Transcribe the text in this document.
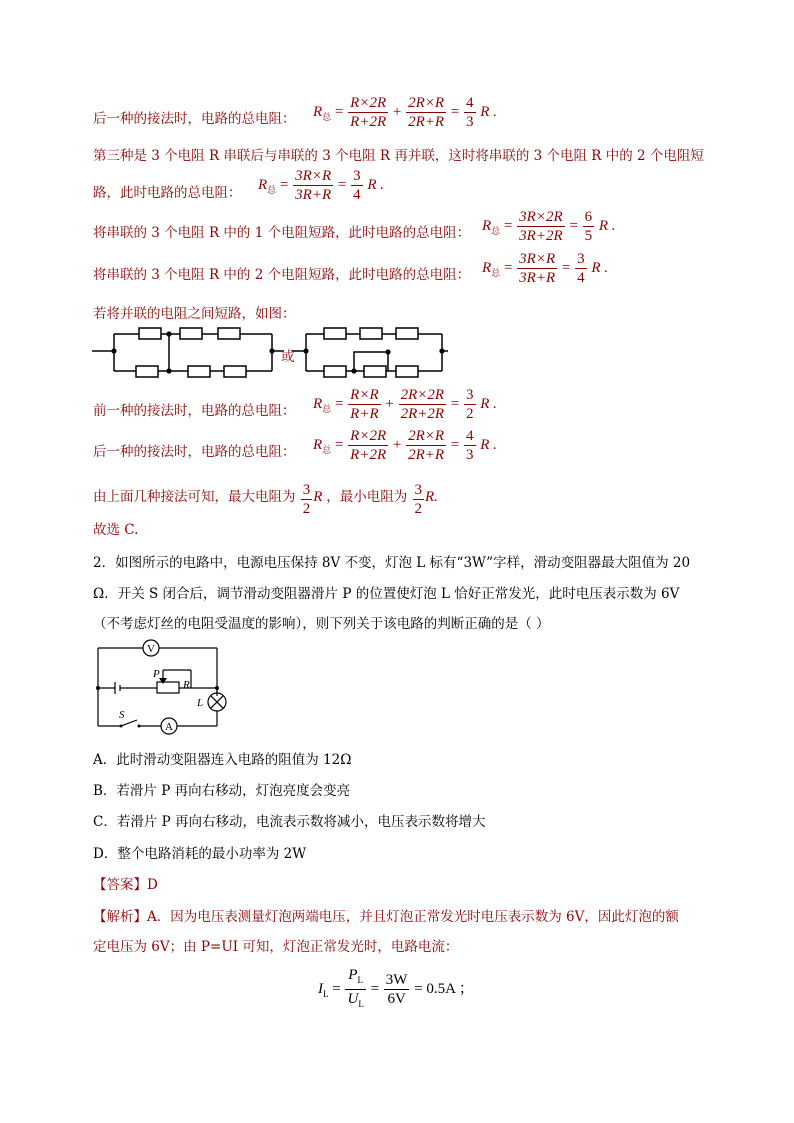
后一种的接法时，电路的总电阻： $R_总 = \frac{R\times 2R}{R+2R} + \frac{2R\times R}{2R+R} = \frac{4}{3}$ R .
第三种是 3 个电阻 R 串联后与串联的 3 个电阻 R 再并联，这时将串联的 3 个电阻 R 中的 2 个电阻短
路，此时电路的总电阻：
$R_总 = \frac{3R\times R}{3R+R} = \frac{3}{4}$ R .
将串联的 3 个电阻 R 中的 1 个电阻短路，此时电路的总电阻： $R_总 = \frac{3R\times 2R}{3R+2R} = \frac{6}{5}$ R .
将串联的 3 个电阻 R 中的 2 个电阻短路，此时电路的总电阻： $R_总 = \frac{3R\times R}{3R+R} = \frac{3}{4}$ R .
若将并联的电阻之间短路，如图：
或
前一种的接法时，电路的总电阻： $R_总 = \frac{R\times R}{R+R} + \frac{2R\times 2R}{2R+2R} = \frac{3}{2}$ R .
后一种的接法时，电路的总电阻： $R_总 = \frac{R\times 2R}{R+2R} + \frac{2R\times R}{2R+R} = \frac{4}{3}$ R .
由上面几种接法可知，最大电阻为 $\frac{3}{2}$ R ，最小电阻为 $\frac{3}{2} R$.
故选 C.
2．如图所示的电路中，电源电压保持 8V 不变，灯泡 L 标有“3W”字样，滑动变阻器最大阻值为 20
Ω．开关 S 闭合后，调节滑动变阻器滑片 P 的位置使灯泡 L 恰好正常发光，此时电压表示数为 6V
（不考虑灯丝的电阻受温度的影响），则下列关于该电路的判断正确的是（ ）
V
A
P
R
L
S
A．此时滑动变阻器连入电路的阻值为 12Ω
B．若滑片 P 再向右移动，灯泡亮度会变亮
C．若滑片 P 再向右移动，电流表示数将减小，电压表示数将增大
D．整个电路消耗的最小功率为 2W
【答案】D
【解析】A．因为电压表测量灯泡两端电压，并且灯泡正常发光时电压表示数为 6V，因此灯泡的额
定电压为 6V；由 P=UI 可知，灯泡正常发光时，电路电流：
$I_L = \frac{P_L}{U_L} = \frac{3W}{6V} = 0.5A$ ；
